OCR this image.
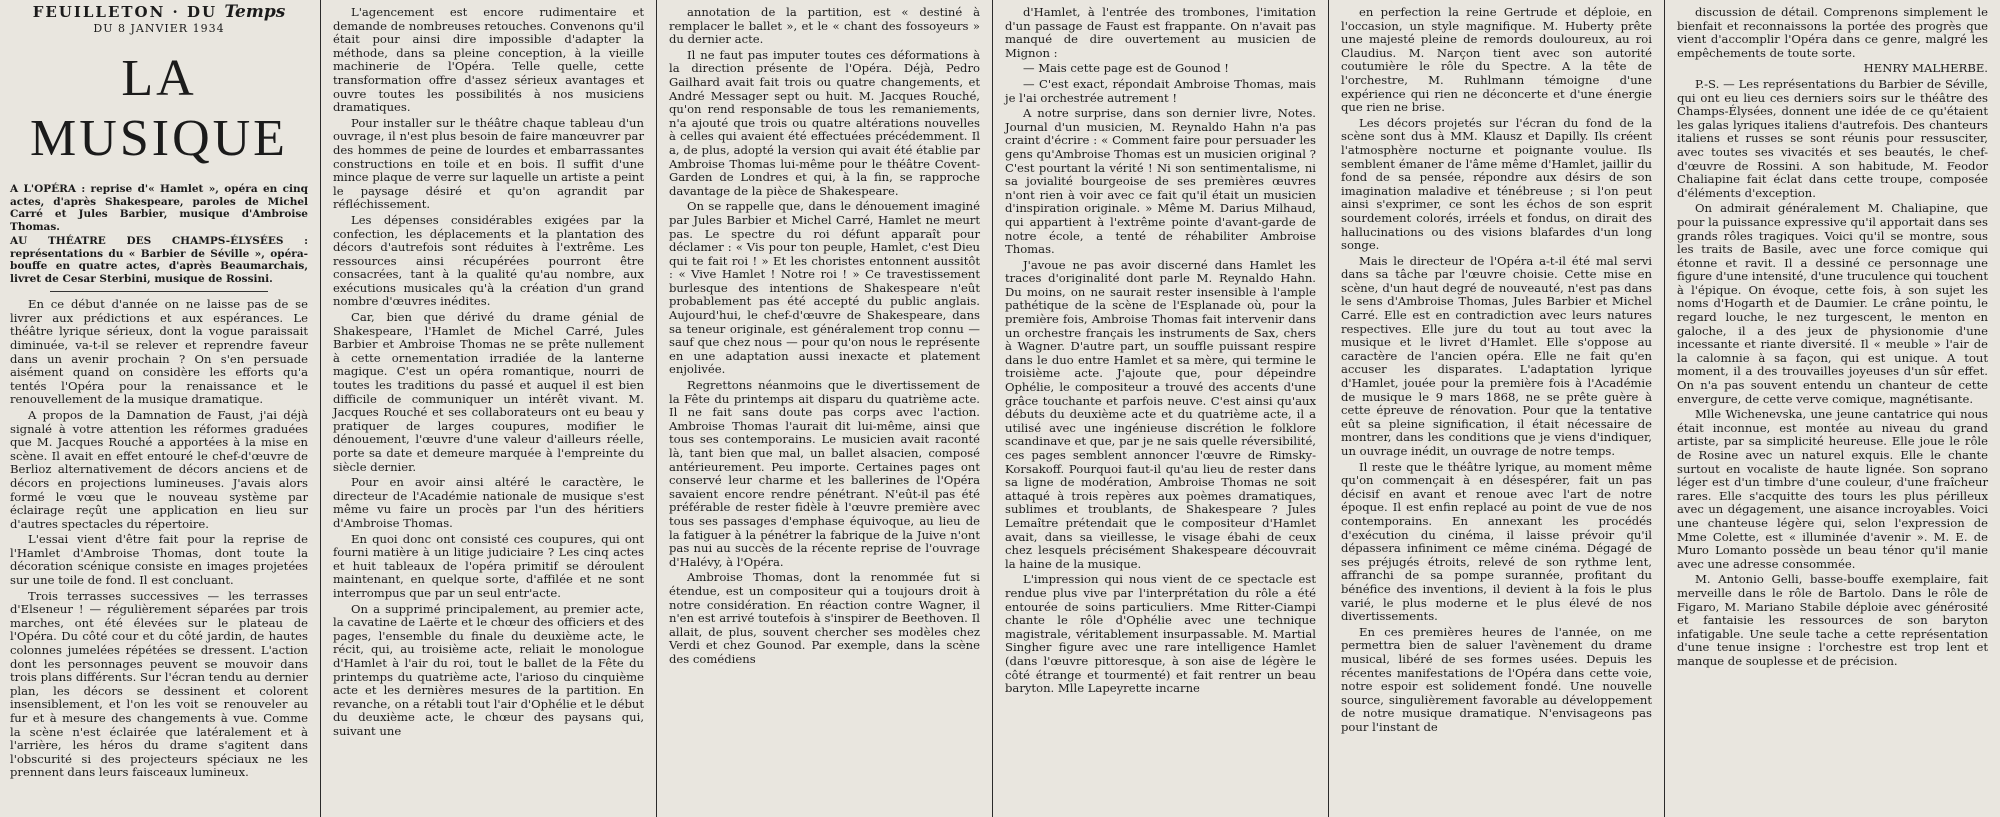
FEUILLETON · DU Temps
DU 8 JANVIER 1934
LA MUSIQUE

A L'OPÉRA : reprise d'« Hamlet », opéra en cinq actes, d'après Shakespeare, paroles de Michel Carré et Jules Barbier, musique d'Ambroise Thomas.

AU THÉATRE DES CHAMPS-ÉLYSÉES : représentations du « Barbier de Séville », opéra-bouffe en quatre actes, d'après Beaumarchais, livret de Cesar Sterbini, musique de Rossini.

En ce début d'année on ne laisse pas de se livrer aux prédictions et aux espérances. Le théâtre lyrique sérieux, dont la vogue paraissait diminuée, va-t-il se relever et reprendre faveur dans un avenir prochain ? On s'en persuade aisément quand on considère les efforts qu'a tentés l'Opéra pour la renaissance et le renouvellement de la musique dramatique.

A propos de la Damnation de Faust, j'ai déjà signalé à votre attention les réformes graduées que M. Jacques Rouché a apportées à la mise en scène. Il avait en effet entouré le chef-d'œuvre de Berlioz alternativement de décors anciens et de décors en projections lumineuses. J'avais alors formé le vœu que le nouveau système par éclairage reçût une application en lieu sur d'autres spectacles du répertoire.

L'essai vient d'être fait pour la reprise de l'Hamlet d'Ambroise Thomas, dont toute la décoration scénique consiste en images projetées sur une toile de fond. Il est concluant.

Trois terrasses successives — les terrasses d'Elseneur ! — régulièrement séparées par trois marches, ont été élevées sur le plateau de l'Opéra. Du côté cour et du côté jardin, de hautes colonnes jumelées répétées se dressent. L'action dont les personnages peuvent se mouvoir dans trois plans différents. Sur l'écran tendu au dernier plan, les décors se dessinent et colorent insensiblement, et l'on les voit se renouveler au fur et à mesure des changements à vue. Comme la scène n'est éclairée que latéralement et à l'arrière, les héros du drame s'agitent dans l'obscurité si des projecteurs spéciaux ne les prennent dans leurs faisceaux lumineux.

L'agencement est encore rudimentaire et demande de nombreuses retouches. Convenons qu'il était pour ainsi dire impossible d'adapter la méthode, dans sa pleine conception, à la vieille machinerie de l'Opéra. Telle quelle, cette transformation offre d'assez sérieux avantages et ouvre toutes les possibilités à nos musiciens dramatiques.

Pour installer sur le théâtre chaque tableau d'un ouvrage, il n'est plus besoin de faire manœuvrer par des hommes de peine de lourdes et embarrassantes constructions en toile et en bois. Il suffit d'une mince plaque de verre sur laquelle un artiste a peint le paysage désiré et qu'on agrandit par réfléchissement.

Les dépenses considérables exigées par la confection, les déplacements et la plantation des décors d'autrefois sont réduites à l'extrême. Les ressources ainsi récupérées pourront être consacrées, tant à la qualité qu'au nombre, aux exécutions musicales qu'à la création d'un grand nombre d'œuvres inédites.

Car, bien que dérivé du drame génial de Shakespeare, l'Hamlet de Michel Carré, Jules Barbier et Ambroise Thomas ne se prête nullement à cette ornementation irradiée de la lanterne magique. C'est un opéra romantique, nourri de toutes les traditions du passé et auquel il est bien difficile de communiquer un intérêt vivant. M. Jacques Rouché et ses collaborateurs ont eu beau y pratiquer de larges coupures, modifier le dénouement, l'œuvre d'une valeur d'ailleurs réelle, porte sa date et demeure marquée à l'empreinte du siècle dernier.

Pour en avoir ainsi altéré le caractère, le directeur de l'Académie nationale de musique s'est même vu faire un procès par l'un des héritiers d'Ambroise Thomas.

En quoi donc ont consisté ces coupures, qui ont fourni matière à un litige judiciaire ? Les cinq actes et huit tableaux de l'opéra primitif se déroulent maintenant, en quelque sorte, d'affilée et ne sont interrompus que par un seul entr'acte.

On a supprimé principalement, au premier acte, la cavatine de Laërte et le chœur des officiers et des pages, l'ensemble du finale du deuxième acte, le récit, qui, au troisième acte, reliait le monologue d'Hamlet à l'air du roi, tout le ballet de la Fête du printemps du quatrième acte, l'arioso du cinquième acte et les dernières mesures de la partition. En revanche, on a rétabli tout l'air d'Ophélie et le début du deuxième acte, le chœur des paysans qui, suivant une

annotation de la partition, est « destiné à remplacer le ballet », et le « chant des fossoyeurs » du dernier acte.

Il ne faut pas imputer toutes ces déformations à la direction présente de l'Opéra. Déjà, Pedro Gailhard avait fait trois ou quatre changements, et André Messager sept ou huit. M. Jacques Rouché, qu'on rend responsable de tous les remaniements, n'a ajouté que trois ou quatre altérations nouvelles à celles qui avaient été effectuées précédemment. Il a, de plus, adopté la version qui avait été établie par Ambroise Thomas lui-même pour le théâtre Covent-Garden de Londres et qui, à la fin, se rapproche davantage de la pièce de Shakespeare.

On se rappelle que, dans le dénouement imaginé par Jules Barbier et Michel Carré, Hamlet ne meurt pas. Le spectre du roi défunt apparaît pour déclamer : « Vis pour ton peuple, Hamlet, c'est Dieu qui te fait roi ! » Et les choristes entonnent aussitôt : « Vive Hamlet ! Notre roi ! » Ce travestissement burlesque des intentions de Shakespeare n'eût probablement pas été accepté du public anglais. Aujourd'hui, le chef-d'œuvre de Shakespeare, dans sa teneur originale, est généralement trop connu — sauf que chez nous — pour qu'on nous le représente en une adaptation aussi inexacte et platement enjolivée.

Regrettons néanmoins que le divertissement de la Fête du printemps ait disparu du quatrième acte. Il ne fait sans doute pas corps avec l'action. Ambroise Thomas l'aurait dit lui-même, ainsi que tous ses contemporains. Le musicien avait raconté là, tant bien que mal, un ballet alsacien, composé antérieurement. Peu importe. Certaines pages ont conservé leur charme et les ballerines de l'Opéra savaient encore rendre pénétrant. N'eût-il pas été préférable de rester fidèle à l'œuvre première avec tous ses passages d'emphase équivoque, au lieu de la fatiguer à la pénétrer la fabrique de la Juive n'ont pas nui au succès de la récente reprise de l'ouvrage d'Halévy, à l'Opéra.

Ambroise Thomas, dont la renommée fut si étendue, est un compositeur qui a toujours droit à notre considération. En réaction contre Wagner, il n'en est arrivé toutefois à s'inspirer de Beethoven. Il allait, de plus, souvent chercher ses modèles chez Verdi et chez Gounod. Par exemple, dans la scène des comédiens

d'Hamlet, à l'entrée des trombones, l'imitation d'un passage de Faust est frappante. On n'avait pas manqué de dire ouvertement au musicien de Mignon :

— Mais cette page est de Gounod !

— C'est exact, répondait Ambroise Thomas, mais je l'ai orchestrée autrement !

A notre surprise, dans son dernier livre, Notes. Journal d'un musicien, M. Reynaldo Hahn n'a pas craint d'écrire : « Comment faire pour persuader les gens qu'Ambroise Thomas est un musicien original ? C'est pourtant la vérité ! Ni son sentimentalisme, ni sa jovialité bourgeoise de ses premières œuvres n'ont rien à voir avec ce fait qu'il était un musicien d'inspiration originale. » Même M. Darius Milhaud, qui appartient à l'extrême pointe d'avant-garde de notre école, a tenté de réhabiliter Ambroise Thomas.

J'avoue ne pas avoir discerné dans Hamlet les traces d'originalité dont parle M. Reynaldo Hahn. Du moins, on ne saurait rester insensible à l'ample pathétique de la scène de l'Esplanade où, pour la première fois, Ambroise Thomas fait intervenir dans un orchestre français les instruments de Sax, chers à Wagner. D'autre part, un souffle puissant respire dans le duo entre Hamlet et sa mère, qui termine le troisième acte. J'ajoute que, pour dépeindre Ophélie, le compositeur a trouvé des accents d'une grâce touchante et parfois neuve. C'est ainsi qu'aux débuts du deuxième acte et du quatrième acte, il a utilisé avec une ingénieuse discrétion le folklore scandinave et que, par je ne sais quelle réversibilité, ces pages semblent annoncer l'œuvre de Rimsky-Korsakoff. Pourquoi faut-il qu'au lieu de rester dans sa ligne de modération, Ambroise Thomas ne soit attaqué à trois repères aux poèmes dramatiques, sublimes et troublants, de Shakespeare ? Jules Lemaître prétendait que le compositeur d'Hamlet avait, dans sa vieillesse, le visage ébahi de ceux chez lesquels précisément Shakespeare découvrait la haine de la musique.

L'impression qui nous vient de ce spectacle est rendue plus vive par l'interprétation du rôle a été entourée de soins particuliers. Mme Ritter-Ciampi chante le rôle d'Ophélie avec une technique magistrale, véritablement insurpassable. M. Martial Singher figure avec une rare intelligence Hamlet (dans l'œuvre pittoresque, à son aise de légère le côté étrange et tourmenté) et fait rentrer un beau baryton. Mlle Lapeyrette incarne

en perfection la reine Gertrude et déploie, en l'occasion, un style magnifique. M. Huberty prête une majesté pleine de remords douloureux, au roi Claudius. M. Narçon tient avec son autorité coutumière le rôle du Spectre. A la tête de l'orchestre, M. Ruhlmann témoigne d'une expérience qui rien ne déconcerte et d'une énergie que rien ne brise.

Les décors projetés sur l'écran du fond de la scène sont dus à MM. Klausz et Dapilly. Ils créent l'atmosphère nocturne et poignante voulue. Ils semblent émaner de l'âme même d'Hamlet, jaillir du fond de sa pensée, répondre aux désirs de son imagination maladive et ténébreuse ; si l'on peut ainsi s'exprimer, ce sont les échos de son esprit sourdement colorés, irréels et fondus, on dirait des hallucinations ou des visions blafardes d'un long songe.

Mais le directeur de l'Opéra a-t-il été mal servi dans sa tâche par l'œuvre choisie. Cette mise en scène, d'un haut degré de nouveauté, n'est pas dans le sens d'Ambroise Thomas, Jules Barbier et Michel Carré. Elle est en contradiction avec leurs natures respectives. Elle jure du tout au tout avec la musique et le livret d'Hamlet. Elle s'oppose au caractère de l'ancien opéra. Elle ne fait qu'en accuser les disparates. L'adaptation lyrique d'Hamlet, jouée pour la première fois à l'Académie de musique le 9 mars 1868, ne se prête guère à cette épreuve de rénovation. Pour que la tentative eût sa pleine signification, il était nécessaire de montrer, dans les conditions que je viens d'indiquer, un ouvrage inédit, un ouvrage de notre temps.

Il reste que le théâtre lyrique, au moment même qu'on commençait à en désespérer, fait un pas décisif en avant et renoue avec l'art de notre époque. Il est enfin replacé au point de vue de nos contemporains. En annexant les procédés d'exécution du cinéma, il laisse prévoir qu'il dépassera infiniment ce même cinéma. Dégagé de ses préjugés étroits, relevé de son rythme lent, affranchi de sa pompe surannée, profitant du bénéfice des inventions, il devient à la fois le plus varié, le plus moderne et le plus élevé de nos divertissements.

En ces premières heures de l'année, on me permettra bien de saluer l'avènement du drame musical, libéré de ses formes usées. Depuis les récentes manifestations de l'Opéra dans cette voie, notre espoir est solidement fondé. Une nouvelle source, singulièrement favorable au développement de notre musique dramatique. N'envisageons pas pour l'instant de

discussion de détail. Comprenons simplement le bienfait et reconnaissons la portée des progrès que vient d'accomplir l'Opéra dans ce genre, malgré les empêchements de toute sorte.

HENRY MALHERBE.

P.-S. — Les représentations du Barbier de Séville, qui ont eu lieu ces derniers soirs sur le théâtre des Champs-Élysées, donnent une idée de ce qu'étaient les galas lyriques italiens d'autrefois. Des chanteurs italiens et russes se sont réunis pour ressusciter, avec toutes ses vivacités et ses beautés, le chef-d'œuvre de Rossini. A son habitude, M. Feodor Chaliapine fait éclat dans cette troupe, composée d'éléments d'exception.

On admirait généralement M. Chaliapine, que pour la puissance expressive qu'il apportait dans ses grands rôles tragiques. Voici qu'il se montre, sous les traits de Basile, avec une force comique qui étonne et ravit. Il a dessiné ce personnage une figure d'une intensité, d'une truculence qui touchent à l'épique. On évoque, cette fois, à son sujet les noms d'Hogarth et de Daumier. Le crâne pointu, le regard louche, le nez turgescent, le menton en galoche, il a des jeux de physionomie d'une incessante et riante diversité. Il « meuble » l'air de la calomnie à sa façon, qui est unique. A tout moment, il a des trouvailles joyeuses d'un sûr effet. On n'a pas souvent entendu un chanteur de cette envergure, de cette verve comique, magnétisante.

Mlle Wichenevska, une jeune cantatrice qui nous était inconnue, est montée au niveau du grand artiste, par sa simplicité heureuse. Elle joue le rôle de Rosine avec un naturel exquis. Elle le chante surtout en vocaliste de haute lignée. Son soprano léger est d'un timbre d'une couleur, d'une fraîcheur rares. Elle s'acquitte des tours les plus périlleux avec un dégagement, une aisance incroyables. Voici une chanteuse légère qui, selon l'expression de Mme Colette, est « illuminée d'avenir ». M. E. de Muro Lomanto possède un beau ténor qu'il manie avec une adresse consommée.

M. Antonio Gelli, basse-bouffe exemplaire, fait merveille dans le rôle de Bartolo. Dans le rôle de Figaro, M. Mariano Stabile déploie avec générosité et fantaisie les ressources de son baryton infatigable. Une seule tache a cette représentation d'une tenue insigne : l'orchestre est trop lent et manque de souplesse et de précision.
